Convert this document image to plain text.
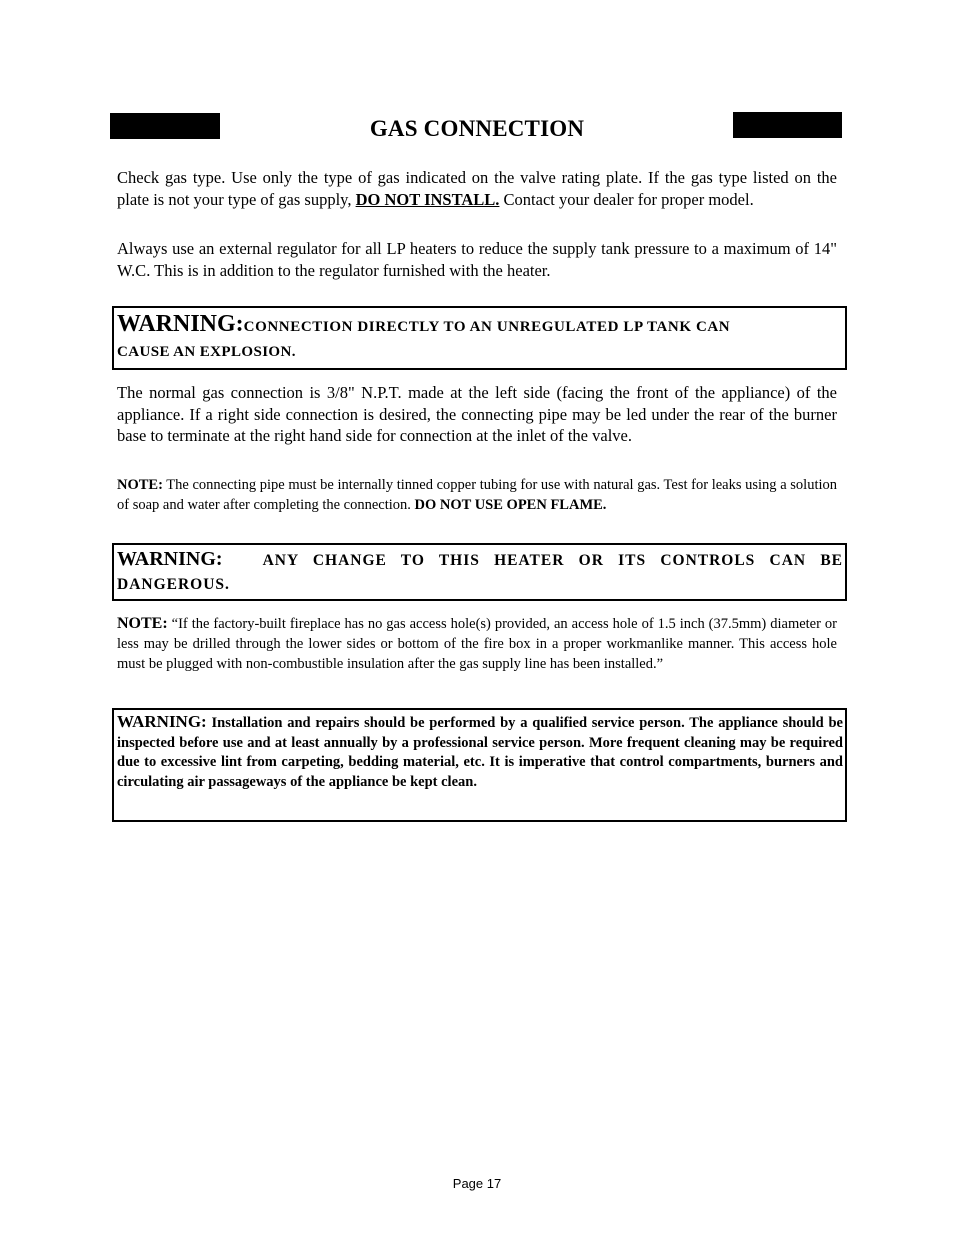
GAS CONNECTION
Check gas type. Use only the type of gas indicated on the valve rating plate. If the gas type listed on the plate is not your type of gas supply, DO NOT INSTALL. Contact your dealer for proper model.
Always use an external regulator for all LP heaters to reduce the supply tank pressure to a maximum of 14" W.C. This is in addition to the regulator furnished with the heater.
WARNING:CONNECTION DIRECTLY TO AN UNREGULATED LP TANK CAN
CAUSE AN EXPLOSION.
The normal gas connection is 3/8" N.P.T. made at the left side (facing the front of the appliance) of the appliance. If a right side connection is desired, the connecting pipe may be led under the rear of the burner base to terminate at the right hand side for connection at the inlet of the valve.
NOTE: The connecting pipe must be internally tinned copper tubing for use with natural gas. Test for leaks using a solution of soap and water after completing the connection. DO NOT USE OPEN FLAME.
WARNING:	ANY CHANGE TO THIS HEATER OR ITS CONTROLS CAN BE DANGEROUS.
NOTE: “If the factory-built fireplace has no gas access hole(s) provided, an access hole of 1.5 inch (37.5mm) diameter or less may be drilled through the lower sides or bottom of the fire box in a proper workmanlike manner. This access hole must be plugged with non-combustible insulation after the gas supply line has been installed.”
WARNING: Installation and repairs should be performed by a qualified service person. The appliance should be inspected before use and at least annually by a professional service person. More frequent cleaning may be required due to excessive lint from carpeting, bedding material, etc. It is imperative that control compartments, burners and circulating air passageways of the appliance be kept clean.
Page 17
